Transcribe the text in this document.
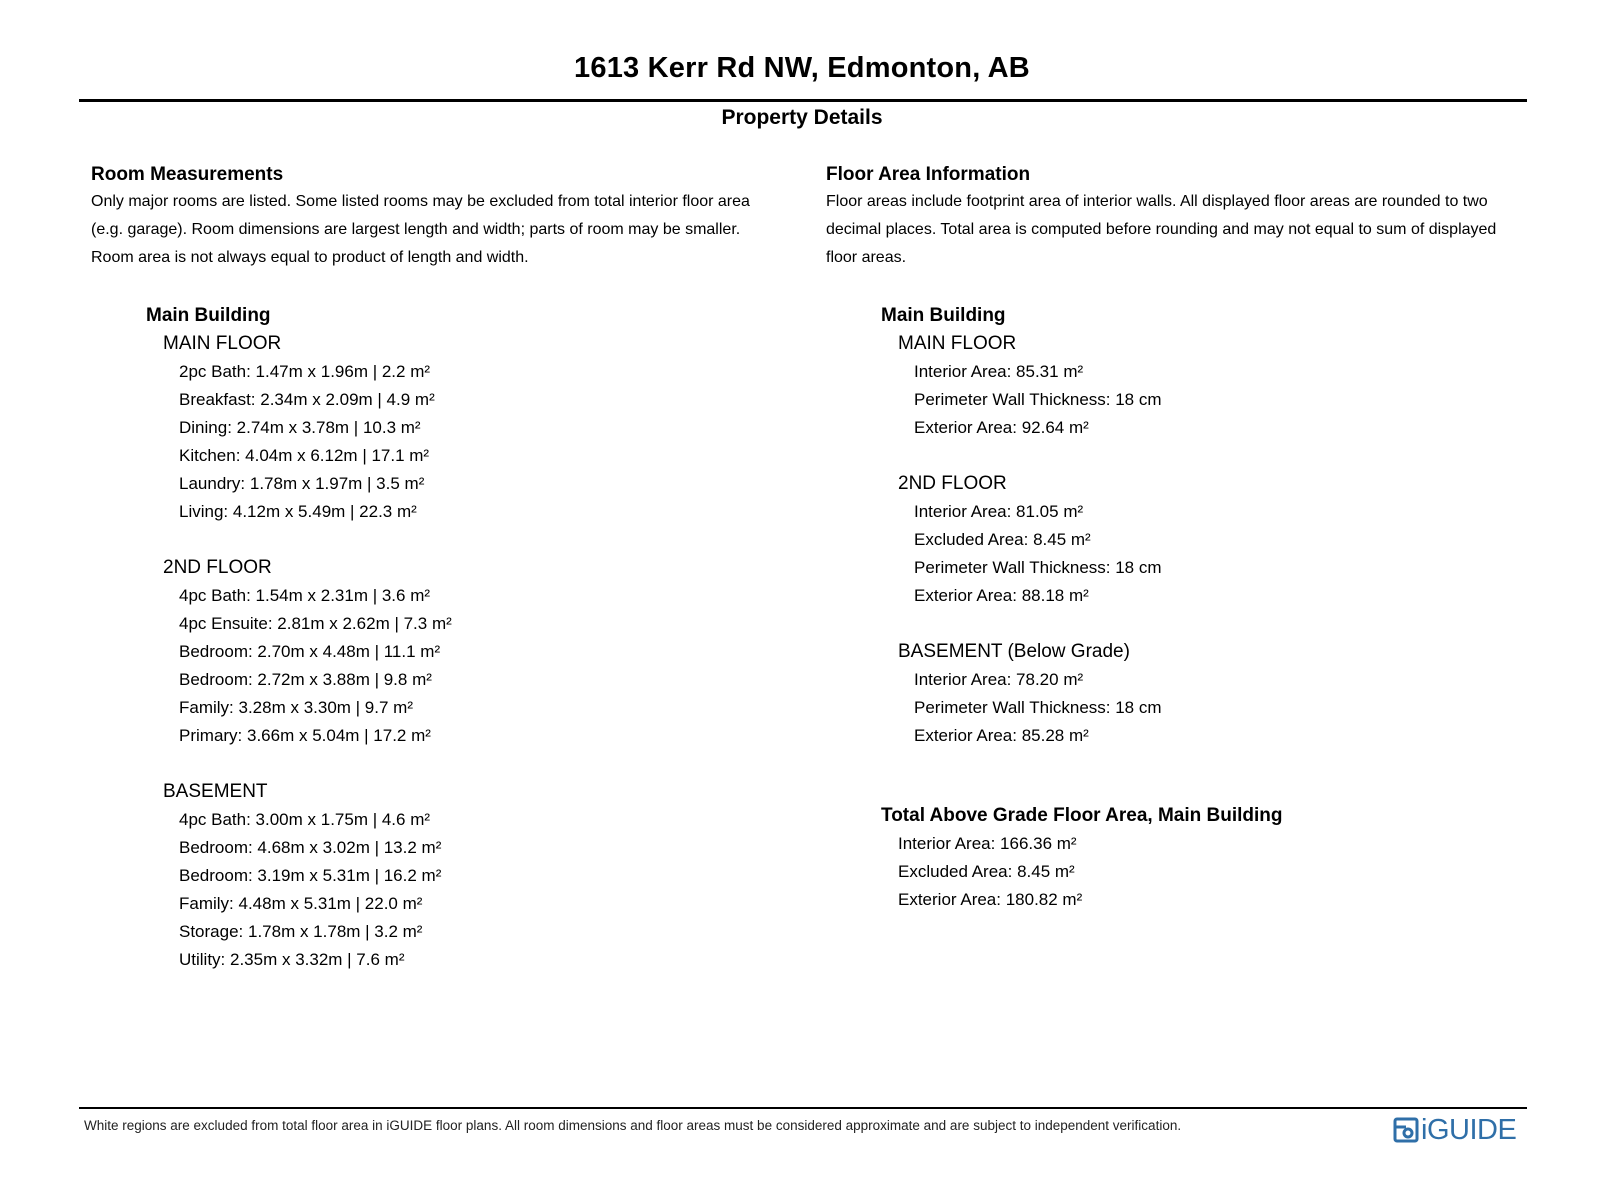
1613 Kerr Rd NW, Edmonton, AB
Property Details
Room Measurements
Only major rooms are listed. Some listed rooms may be excluded from total interior floor area
(e.g. garage). Room dimensions are largest length and width; parts of room may be smaller.
Room area is not always equal to product of length and width.
Main Building
MAIN FLOOR
2pc Bath: 1.47m x 1.96m | 2.2 m²
Breakfast: 2.34m x 2.09m | 4.9 m²
Dining: 2.74m x 3.78m | 10.3 m²
Kitchen: 4.04m x 6.12m | 17.1 m²
Laundry: 1.78m x 1.97m | 3.5 m²
Living: 4.12m x 5.49m | 22.3 m²
2ND FLOOR
4pc Bath: 1.54m x 2.31m | 3.6 m²
4pc Ensuite: 2.81m x 2.62m | 7.3 m²
Bedroom: 2.70m x 4.48m | 11.1 m²
Bedroom: 2.72m x 3.88m | 9.8 m²
Family: 3.28m x 3.30m | 9.7 m²
Primary: 3.66m x 5.04m | 17.2 m²
BASEMENT
4pc Bath: 3.00m x 1.75m | 4.6 m²
Bedroom: 4.68m x 3.02m | 13.2 m²
Bedroom: 3.19m x 5.31m | 16.2 m²
Family: 4.48m x 5.31m | 22.0 m²
Storage: 1.78m x 1.78m | 3.2 m²
Utility: 2.35m x 3.32m | 7.6 m²
Floor Area Information
Floor areas include footprint area of interior walls. All displayed floor areas are rounded to two
decimal places. Total area is computed before rounding and may not equal to sum of displayed
floor areas.
Main Building
MAIN FLOOR
Interior Area: 85.31 m²
Perimeter Wall Thickness: 18 cm
Exterior Area: 92.64 m²
2ND FLOOR
Interior Area: 81.05 m²
Excluded Area: 8.45 m²
Perimeter Wall Thickness: 18 cm
Exterior Area: 88.18 m²
BASEMENT (Below Grade)
Interior Area: 78.20 m²
Perimeter Wall Thickness: 18 cm
Exterior Area: 85.28 m²
Total Above Grade Floor Area, Main Building
Interior Area: 166.36 m²
Excluded Area: 8.45 m²
Exterior Area: 180.82 m²
White regions are excluded from total floor area in iGUIDE floor plans. All room dimensions and floor areas must be considered approximate and are subject to independent verification.	iGUIDE
